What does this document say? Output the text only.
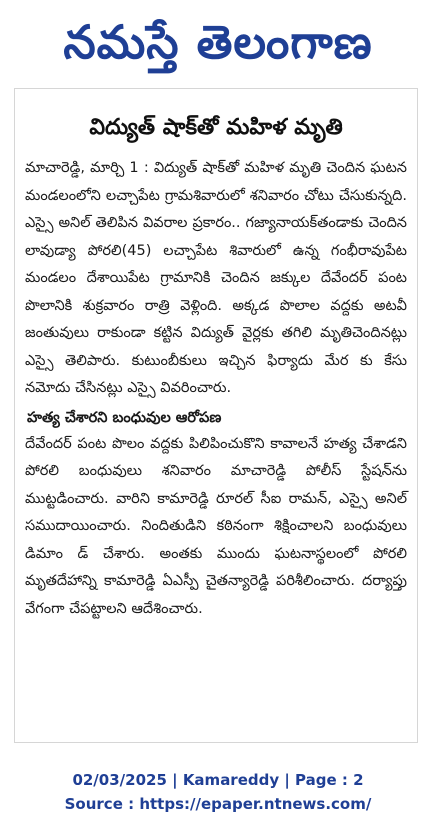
నమస్తే తెలంగాణ
విద్యుత్ షాక్‌తో మహిళ మృతి

మాచారెడ్డి, మార్చి 1 : విద్యుత్ షాక్‌తో మహిళ మృతి చెందిన ఘటన మండలంలోని లచ్చాపేట గ్రామశివారులో శనివారం చోటు చేసుకున్నది. ఎస్సై అనిల్ తెలిపిన వివరాల ప్రకారం.. గజ్యానాయక్‌తండాకు చెందిన లావుడ్యా పోరలి(45) లచ్చాపేట శివారులో ఉన్న గంభీరావుపేట మండలం దేశాయిపేట గ్రామానికి చెందిన జక్కుల దేవేందర్ పంట పొలానికి శుక్రవారం రాత్రి వెళ్లింది. అక్కడ పొలాల వద్దకు అటవీ జంతువులు రాకుండా కట్టిన విద్యుత్ వైర్లకు తగిలి మృతిచెందినట్లు ఎస్సై తెలిపారు. కుటుంబీకులు ఇచ్చిన ఫిర్యాదు మేర కు కేసు నమోదు చేసినట్లు ఎస్సై వివరించారు.

హత్య చేశారని బంధువుల ఆరోపణ

దేవేందర్ పంట పొలం వద్దకు పిలిపించుకొని కావాలనే హత్య చేశాడని పోరలి బంధువులు శనివారం మాచారెడ్డి పోలీస్ స్టేషన్‌ను ముట్టడించారు. వారిని కామారెడ్డి రూరల్ సీఐ రామన్, ఎస్సై అనిల్ సముదాయించారు. నిందితుడిని కఠినంగా శిక్షించాలని బంధువులు డిమాం డ్ చేశారు. అంతకు ముందు ఘటనాస్థలంలో పోరలి మృతదేహాన్ని కామారెడ్డి ఏఎస్పీ చైతన్యారెడ్డి పరిశీలించారు. దర్యాప్తు వేగంగా చేపట్టాలని ఆదేశించారు.

02/03/2025 | Kamareddy | Page : 2
Source : https://epaper.ntnews.com/
